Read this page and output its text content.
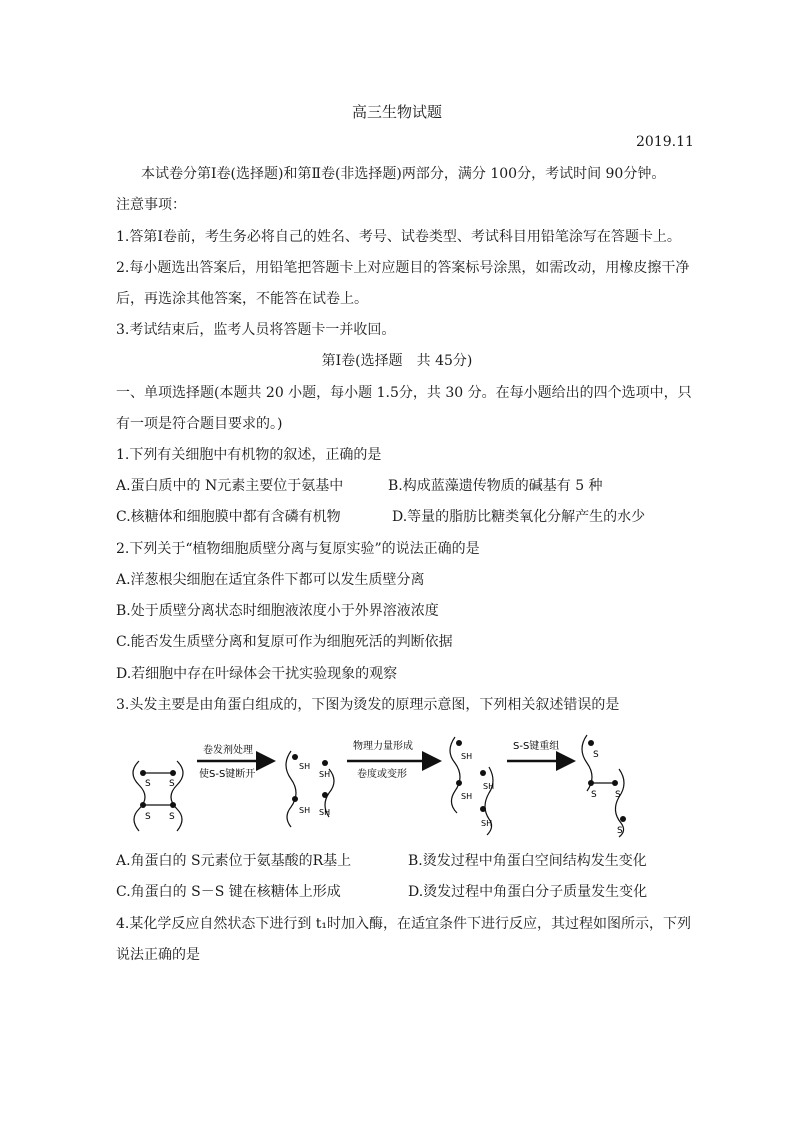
高三生物试题
2019.11
本试卷分第Ⅰ卷(选择题)和第Ⅱ卷(非选择题)两部分，满分 100分，考试时间 90分钟。
注意事项：
1.答第Ⅰ卷前，考生务必将自己的姓名、考号、试卷类型、考试科目用铅笔涂写在答题卡上。
2.每小题选出答案后，用铅笔把答题卡上对应题目的答案标号涂黑，如需改动，用橡皮擦干净
后，再选涂其他答案，不能答在试卷上。
3.考试结束后，监考人员将答题卡一并收回。
第Ⅰ卷(选择题　共 45分)
一、单项选择题(本题共 20 小题，每小题 1.5分，共 30 分。在每小题给出的四个选项中，只
有一项是符合题目要求的。)
1.下列有关细胞中有机物的叙述，正确的是
A.蛋白质中的 N元素主要位于氨基中	B.构成蓝藻遗传物质的碱基有 5 种
C.核糖体和细胞膜中都有含磷有机物	D.等量的脂肪比糖类氧化分解产生的水少
2.下列关于“植物细胞质壁分离与复原实验”的说法正确的是
A.洋葱根尖细胞在适宜条件下都可以发生质壁分离
B.处于质壁分离状态时细胞液浓度小于外界溶液浓度
C.能否发生质壁分离和复原可作为细胞死活的判断依据
D.若细胞中存在叶绿体会干扰实验现象的观察
3.头发主要是由角蛋白组成的，下图为烫发的原理示意图，下列相关叙述错误的是
S S
S S
卷发剂处理
使S-S键断开
SH
SH
SH
SH
物理力量形成
卷度或变形
SH
SH
SH
SH
S-S键重组
S
S S
S
A.角蛋白的 S元素位于氨基酸的R基上	B.烫发过程中角蛋白空间结构发生变化
C.角蛋白的 S－S 键在核糖体上形成	D.烫发过程中角蛋白分子质量发生变化
4.某化学反应自然状态下进行到 t₁时加入酶，在适宜条件下进行反应，其过程如图所示，下列
说法正确的是
